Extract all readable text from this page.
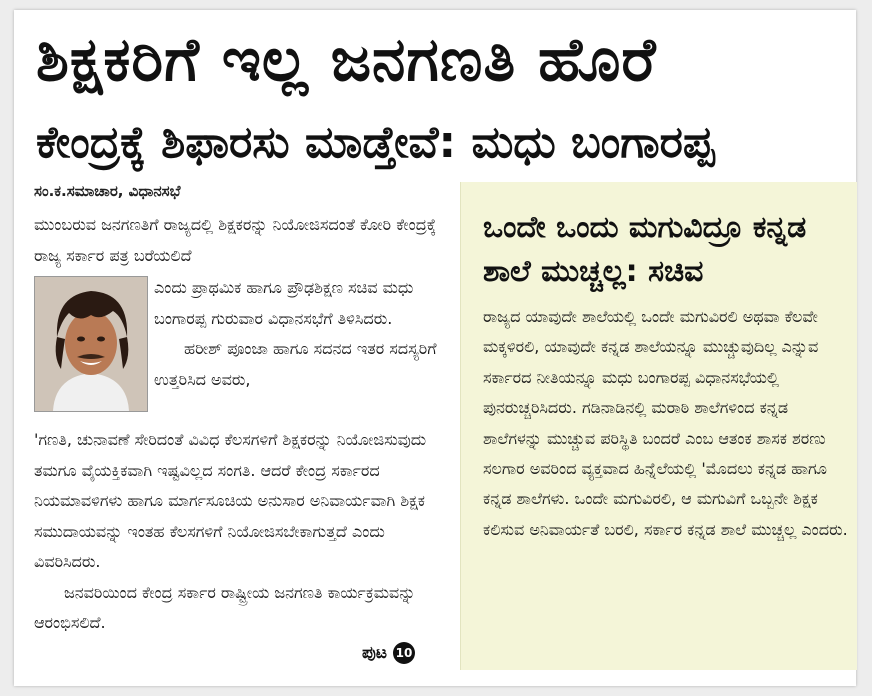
ಶಿಕ್ಷಕರಿಗೆ ಇಲ್ಲ ಜನಗಣತಿ ಹೊರೆ
ಕೇಂದ್ರಕ್ಕೆ ಶಿಫಾರಸು ಮಾಡ್ತೇವೆ: ಮಧು ಬಂಗಾರಪ್ಪ
ಸಂ.ಕ.ಸಮಾಚಾರ, ವಿಧಾನಸಭೆ

ಮುಂಬರುವ ಜನಗಣತಿಗೆ ರಾಜ್ಯದಲ್ಲಿ ಶಿಕ್ಷಕರನ್ನು ನಿಯೋಜಿಸದಂತೆ ಕೋರಿ ಕೇಂದ್ರಕ್ಕೆ ರಾಜ್ಯ ಸರ್ಕಾರ ಪತ್ರ ಬರೆಯಲಿದೆ

ಎಂದು ಪ್ರಾಥಮಿಕ ಹಾಗೂ ಪ್ರೌಢಶಿಕ್ಷಣ ಸಚಿವ ಮಧು ಬಂಗಾರಪ್ಪ ಗುರುವಾರ ವಿಧಾನಸಭೆಗೆ ತಿಳಿಸಿದರು.

ಹರೀಶ್ ಪೂಂಜಾ ಹಾಗೂ ಸದನದ ಇತರ ಸದಸ್ಯರಿಗೆ ಉತ್ತರಿಸಿದ ಅವರು,

'ಗಣತಿ, ಚುನಾವಣೆ ಸೇರಿದಂತೆ ವಿವಿಧ ಕೆಲಸಗಳಿಗೆ ಶಿಕ್ಷಕರನ್ನು ನಿಯೋಜಿಸುವುದು ತಮಗೂ ವೈಯಕ್ತಿಕವಾಗಿ ಇಷ್ಟವಿಲ್ಲದ ಸಂಗತಿ. ಆದರೆ ಕೇಂದ್ರ ಸರ್ಕಾರದ ನಿಯಮಾವಳಿಗಳು ಹಾಗೂ ಮಾರ್ಗಸೂಚಿಯ ಅನುಸಾರ ಅನಿವಾರ್ಯವಾಗಿ ಶಿಕ್ಷಕ ಸಮುದಾಯವನ್ನು ಇಂತಹ ಕೆಲಸಗಳಿಗೆ ನಿಯೋಜಿಸಬೇಕಾಗುತ್ತದೆ ಎಂದು ವಿವರಿಸಿದರು.

ಜನವರಿಯಿಂದ ಕೇಂದ್ರ ಸರ್ಕಾರ ರಾಷ್ಟ್ರೀಯ ಜನಗಣತಿ ಕಾರ್ಯಕ್ರಮವನ್ನು ಆರಂಭಿಸಲಿದೆ.

ಪುಟ 10
ಒಂದೇ ಒಂದು ಮಗುವಿದ್ರೂ ಕನ್ನಡ ಶಾಲೆ ಮುಚ್ಚಲ್ಲ: ಸಚಿವ

ರಾಜ್ಯದ ಯಾವುದೇ ಶಾಲೆಯಲ್ಲಿ ಒಂದೇ ಮಗುವಿರಲಿ ಅಥವಾ ಕೆಲವೇ ಮಕ್ಕಳಿರಲಿ, ಯಾವುದೇ ಕನ್ನಡ ಶಾಲೆಯನ್ನೂ ಮುಚ್ಚುವುದಿಲ್ಲ ಎನ್ನುವ ಸರ್ಕಾರದ ನೀತಿಯನ್ನೂ ಮಧು ಬಂಗಾರಪ್ಪ ವಿಧಾನಸಭೆಯಲ್ಲಿ ಪುನರುಚ್ಚರಿಸಿದರು. ಗಡಿನಾಡಿನಲ್ಲಿ ಮರಾಠಿ ಶಾಲೆಗಳಿಂದ ಕನ್ನಡ ಶಾಲೆಗಳನ್ನು ಮುಚ್ಚುವ ಪರಿಸ್ಥಿತಿ ಬಂದರೆ ಎಂಬ ಆತಂಕ ಶಾಸಕ ಶರಣು ಸಲಗಾರ ಅವರಿಂದ ವ್ಯಕ್ತವಾದ ಹಿನ್ನೆಲೆಯಲ್ಲಿ 'ಮೊದಲು ಕನ್ನಡ ಹಾಗೂ ಕನ್ನಡ ಶಾಲೆಗಳು. ಒಂದೇ ಮಗುವಿರಲಿ, ಆ ಮಗುವಿಗೆ ಒಬ್ಬನೇ ಶಿಕ್ಷಕ ಕಲಿಸುವ ಅನಿವಾರ್ಯತೆ ಬರಲಿ, ಸರ್ಕಾರ ಕನ್ನಡ ಶಾಲೆ ಮುಚ್ಚಲ್ಲ ಎಂದರು.
